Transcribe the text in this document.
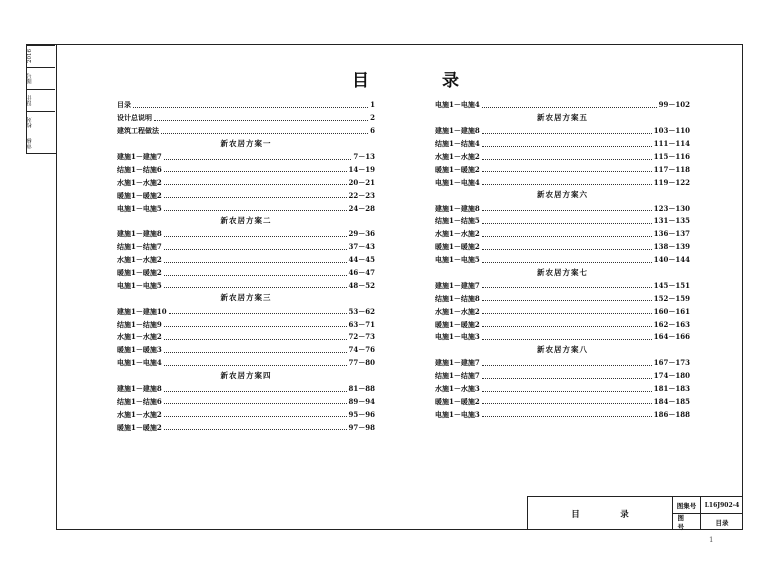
2016
图号
设计
校对
审核
目　录
目录	1
设计总说明	2
建筑工程做法	6
新农居方案一
建施1－建施7	7－13
结施1－结施6	14－19
水施1－水施2	20－21
暖施1－暖施2	22－23
电施1－电施5	24－28
新农居方案二
建施1－建施8	29－36
结施1－结施7	37－43
水施1－水施2	44－45
暖施1－暖施2	46－47
电施1－电施5	48－52
新农居方案三
建施1－建施10	53－62
结施1－结施9	63－71
水施1－水施2	72－73
暖施1－暖施3	74－76
电施1－电施4	77－80
新农居方案四
建施1－建施8	81－88
结施1－结施6	89－94
水施1－水施2	95－96
暖施1－暖施2	97－98
电施1－电施4	99－102
新农居方案五
建施1－建施8	103－110
结施1－结施4	111－114
水施1－水施2	115－116
暖施1－暖施2	117－118
电施1－电施4	119－122
新农居方案六
建施1－建施8	123－130
结施1－结施5	131－135
水施1－水施2	136－137
暖施1－暖施2	138－139
电施1－电施5	140－144
新农居方案七
建施1－建施7	145－151
结施1－结施8	152－159
水施1－水施2	160－161
暖施1－暖施2	162－163
电施1－电施3	164－166
新农居方案八
建施1－建施7	167－173
结施1－结施7	174－180
水施1－水施3	181－183
暖施1－暖施2	184－185
电施1－电施3	186－188
目　录
图集号	L16J902-4
图　号
目录
1
